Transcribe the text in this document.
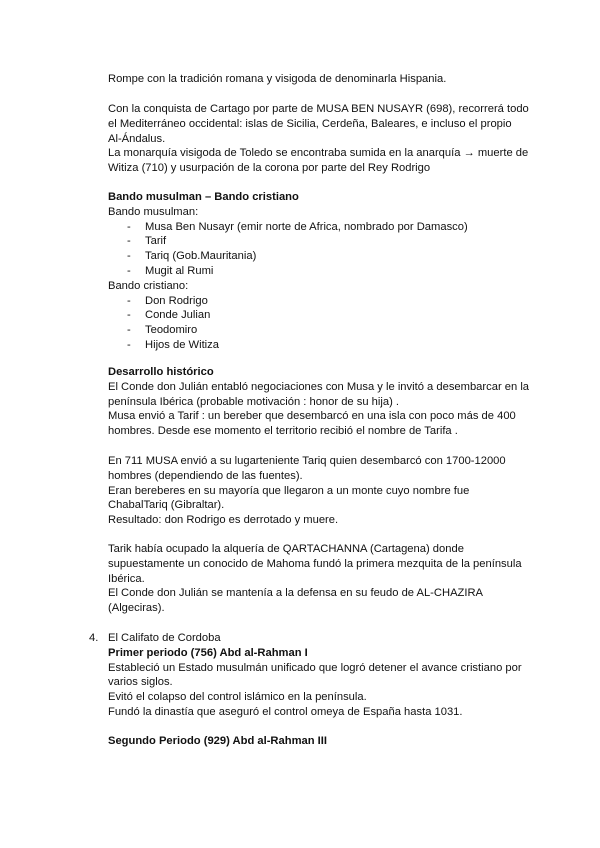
Rompe con la tradición romana y visigoda de denominarla Hispania.
Con la conquista de Cartago por parte de MUSA BEN NUSAYR (698), recorrerá todo
el Mediterráneo occidental: islas de Sicilia, Cerdeña, Baleares, e incluso el propio
Al-Ándalus.
La monarquía visigoda de Toledo se encontraba sumida en la anarquía → muerte de
Witiza (710) y usurpación de la corona por parte del Rey Rodrigo
Bando musulman – Bando cristiano
Bando musulman:
- Musa Ben Nusayr (emir norte de Africa, nombrado por Damasco)
- Tarif
- Tariq (Gob.Mauritania)
- Mugit al Rumi
Bando cristiano:
- Don Rodrigo
- Conde Julian
- Teodomiro
- Hijos de Witiza
Desarrollo histórico
El Conde don Julián entabló negociaciones con Musa y le invitó a desembarcar en la
península Ibérica (probable motivación : honor de su hija) .
Musa envió a Tarif : un bereber que desembarcó en una isla con poco más de 400
hombres. Desde ese momento el territorio recibió el nombre de Tarifa .
En 711 MUSA envió a su lugarteniente Tariq quien desembarcó con 1700-12000
hombres (dependiendo de las fuentes).
Eran bereberes en su mayoría que llegaron a un monte cuyo nombre fue
ChabalTariq (Gibraltar).
Resultado: don Rodrigo es derrotado y muere.
Tarik había ocupado la alquería de QARTACHANNA (Cartagena) donde
supuestamente un conocido de Mahoma fundó la primera mezquita de la península
Ibérica.
El Conde don Julián se mantenía a la defensa en su feudo de AL-CHAZIRA
(Algeciras).
4. El Califato de Cordoba
Primer periodo (756) Abd al-Rahman I
Estableció un Estado musulmán unificado que logró detener el avance cristiano por
varios siglos.
Evitó el colapso del control islámico en la península.
Fundó la dinastía que aseguró el control omeya de España hasta 1031.
Segundo Periodo (929) Abd al-Rahman III
